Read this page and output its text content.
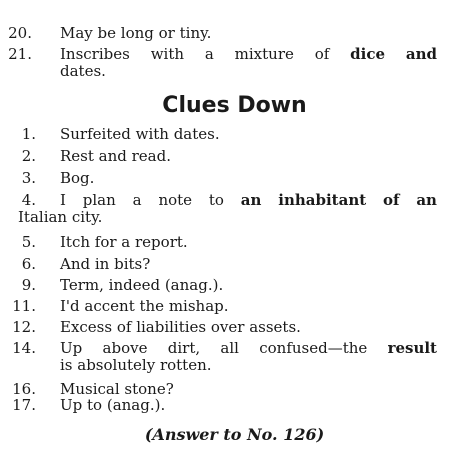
20. May be long or tiny.
21. Inscribes with a mixture of dice and
dates.
Clues Down
1. Surfeited with dates.
2. Rest and read.
3. Bog.
4. I plan a note to an inhabitant of an
Italian city.
5. Itch for a report.
6. And in bits?
9. Term, indeed (anag.).
11. I'd accent the mishap.
12. Excess of liabilities over assets.
14. Up above dirt, all confused—the result
is absolutely rotten.
16. Musical stone?
17. Up to (anag.).
(Answer to No. 126)
